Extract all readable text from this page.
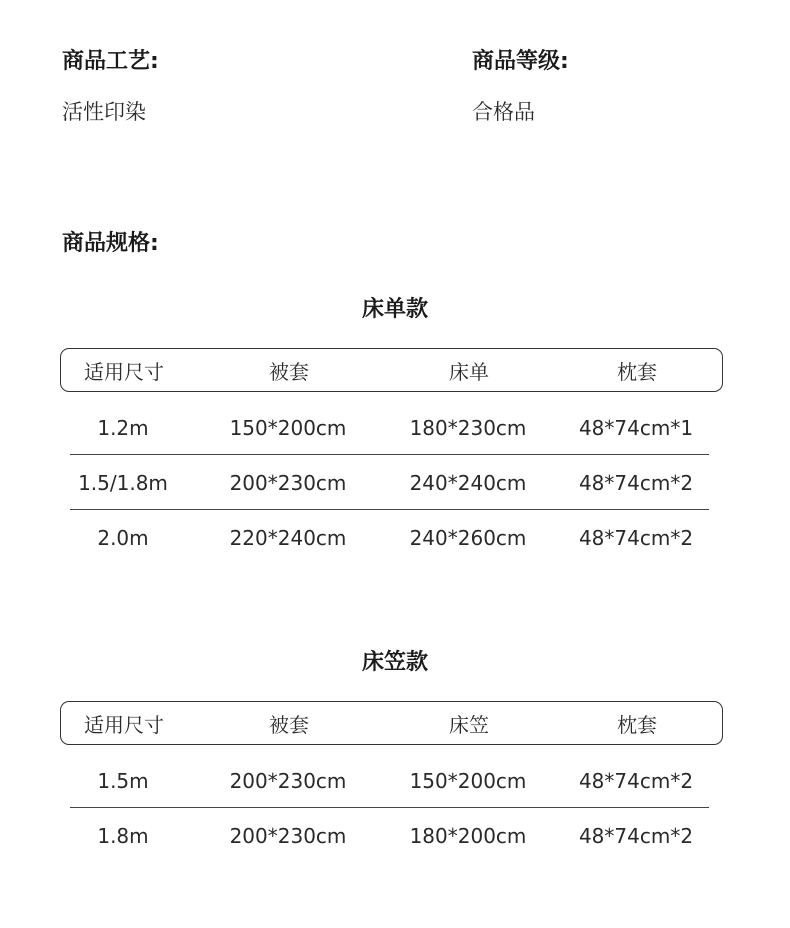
商品工艺:
活性印染
商品等级:
合格品
商品规格:
床单款
适用尺寸	被套	床单	枕套
1.2m	150*200cm	180*230cm	48*74cm*1
1.5/1.8m	200*230cm	240*240cm	48*74cm*2
2.0m	220*240cm	240*260cm	48*74cm*2
床笠款
适用尺寸	被套	床笠	枕套
1.5m	200*230cm	150*200cm	48*74cm*2
1.8m	200*230cm	180*200cm	48*74cm*2
